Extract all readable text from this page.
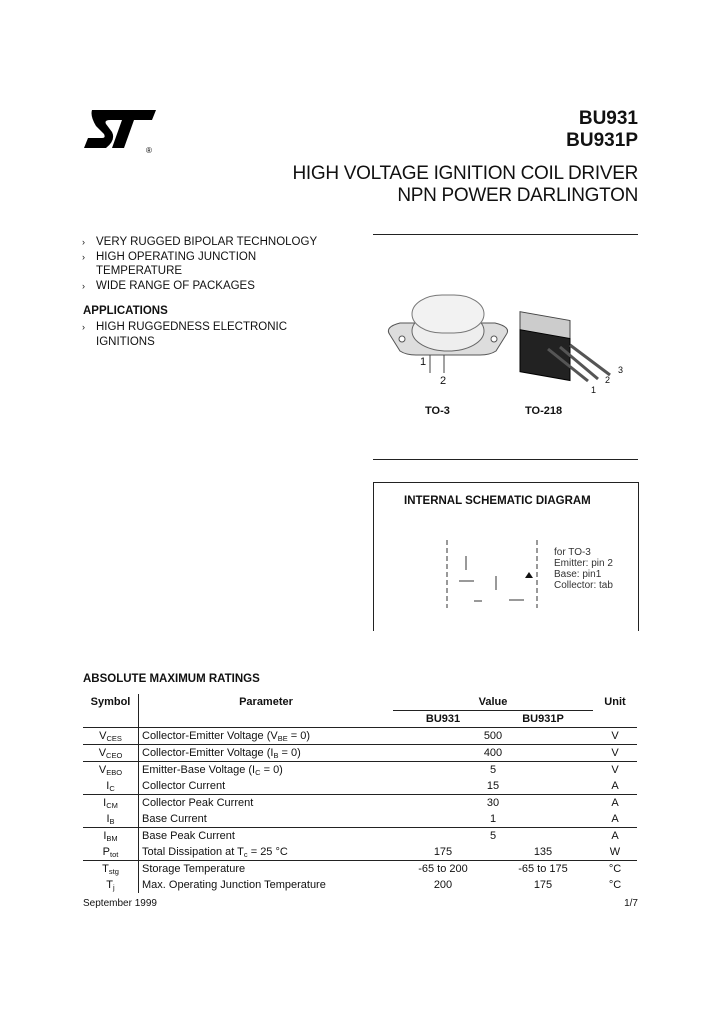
®
BU931
BU931P
HIGH VOLTAGE IGNITION COIL DRIVER
NPN POWER DARLINGTON
› VERY RUGGED BIPOLAR TECHNOLOGY
› HIGH OPERATING JUNCTION TEMPERATURE
› WIDE RANGE OF PACKAGES
APPLICATIONS
› HIGH RUGGEDNESS ELECTRONIC IGNITIONS
1
2
1
2
3
TO-3	TO-218
INTERNAL SCHEMATIC DIAGRAM
for TO-3
Emitter: pin 2
Base: pin1
Collector: tab
ABSOLUTE MAXIMUM RATINGS
Symbol	Parameter	Value		Unit
		BU931	BU931P	
$V_{CES}$	Collector-Emitter Voltage $(V_{BE} = 0)$	500		V
$V_{CEO}$	Collector-Emitter Voltage $(I_B = 0)$	400		V
$V_{EBO}$	Emitter-Base Voltage $(I_C = 0)$	5		V
$I_C$	Collector Current	15		A
$I_{CM}$	Collector Peak Current	30		A
$I_B$	Base Current	1		A
$I_{BM}$	Base Peak Current	5		A
$P_{tot}$	Total Dissipation at $T_c = 25$ °C	175	135	W
$T_{stg}$	Storage Temperature	-65 to 200	-65 to 175	°C
$T_j$	Max. Operating Junction Temperature	200	175	°C
September 1999	1/7
